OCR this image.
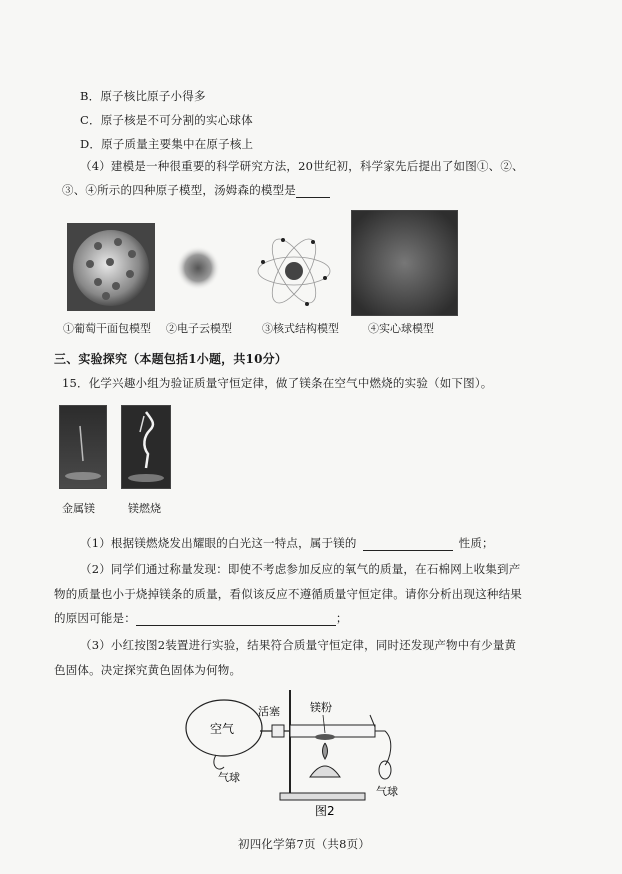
B．原子核比原子小得多
C．原子核是不可分割的实心球体
D．原子质量主要集中在原子核上
（4）建模是一种很重要的科学研究方法，20世纪初，科学家先后提出了如图①、②、
③、④所示的四种原子模型，汤姆森的模型是
①葡萄干面包模型 ②电子云模型	③核式结构模型	④实心球模型
三、实验探究（本题包括1小题，共10分）
15．化学兴趣小组为验证质量守恒定律，做了镁条在空气中燃烧的实验（如下图）。
金属镁	镁燃烧
（1）根据镁燃烧发出耀眼的白光这一特点，属于镁的	性质；
（2）同学们通过称量发现：即使不考虑参加反应的氧气的质量，在石棉网上收集到产
物的质量也小于烧掉镁条的质量，看似该反应不遵循质量守恒定律。请你分析出现这种结果
的原因可能是：	；
（3）小红按图2装置进行实验，结果符合质量守恒定律，同时还发现产物中有少量黄
色固体。决定探究黄色固体为何物。
空气
活塞
气球
镁粉
气球
图2
初四化学第7页（共8页）
